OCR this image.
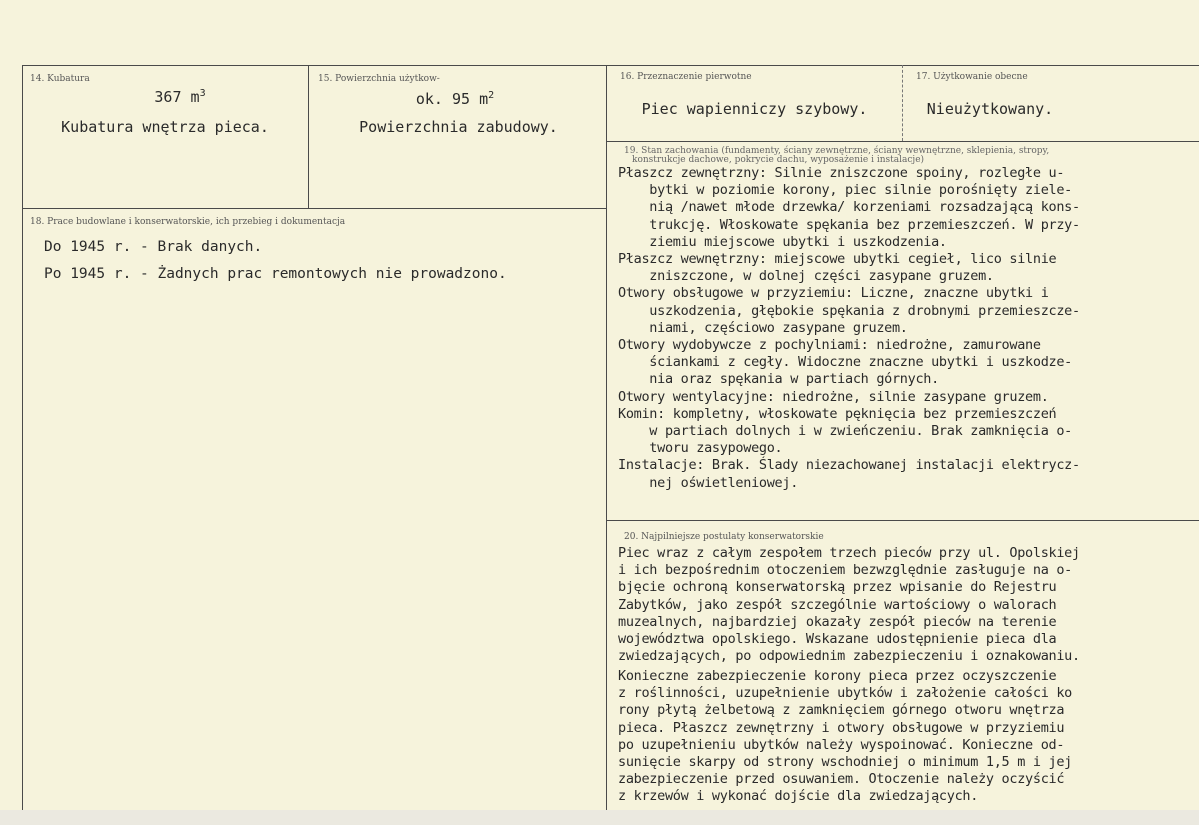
14. Kubatura
367 $m^3$
Kubatura wnętrza pieca.
15. Powierzchnia użytkow-
ok. 95 $m^2$
Powierzchnia zabudowy.
16. Przeznaczenie pierwotne
Piec wapienniczy szybowy.
17. Użytkowanie obecne
Nieużytkowany.
18. Prace budowlane i konserwatorskie, ich przebieg i dokumentacja
Do 1945 r. - Brak danych.
Po 1945 r. - Żadnych prac remontowych nie prowadzono.
19. Stan zachowania (fundamenty, ściany zewnętrzne, ściany wewnętrzne, sklepienia, stropy,
konstrukcje dachowe, pokrycie dachu, wyposażenie i instalacje)
Płaszcz zewnętrzny: Silnie zniszczone spoiny, rozległe u-
bytki w poziomie korony, piec silnie porośnięty ziele-
nią /nawet młode drzewka/ korzeniami rozsadzającą kons-
trukcję. Włoskowate spękania bez przemieszczeń. W przy-
ziemiu miejscowe ubytki i uszkodzenia.
Płaszcz wewnętrzny: miejscowe ubytki cegieł, lico silnie
zniszczone, w dolnej części zasypane gruzem.
Otwory obsługowe w przyziemiu: Liczne, znaczne ubytki i
uszkodzenia, głębokie spękania z drobnymi przemieszcze-
niami, częściowo zasypane gruzem.
Otwory wydobywcze z pochylniami: niedrożne, zamurowane
ściankami z cegły. Widoczne znaczne ubytki i uszkodze-
nia oraz spękania w partiach górnych.
Otwory wentylacyjne: niedrożne, silnie zasypane gruzem.
Komin: kompletny, włoskowate pęknięcia bez przemieszczeń
w partiach dolnych i w zwieńczeniu. Brak zamknięcia o-
tworu zasypowego.
Instalacje: Brak. Ślady niezachowanej instalacji elektrycz-
nej oświetleniowej.
20. Najpilniejsze postulaty konserwatorskie
Piec wraz z całym zespołem trzech pieców przy ul. Opolskiej
i ich bezpośrednim otoczeniem bezwzględnie zasługuje na o-
bjęcie ochroną konserwatorską przez wpisanie do Rejestru
Zabytków, jako zespół szczególnie wartościowy o walorach
muzealnych, najbardziej okazały zespół pieców na terenie
województwa opolskiego. Wskazane udostępnienie pieca dla
zwiedzających, po odpowiednim zabezpieczeniu i oznakowaniu.
Konieczne zabezpieczenie korony pieca przez oczyszczenie
z roślinności, uzupełnienie ubytków i założenie całości ko
rony płytą żelbetową z zamknięciem górnego otworu wnętrza
pieca. Płaszcz zewnętrzny i otwory obsługowe w przyziemiu
po uzupełnieniu ubytków należy wyspoinować. Konieczne od-
sunięcie skarpy od strony wschodniej o minimum 1,5 m i jej
zabezpieczenie przed osuwaniem. Otoczenie należy oczyścić
z krzewów i wykonać dojście dla zwiedzających.
